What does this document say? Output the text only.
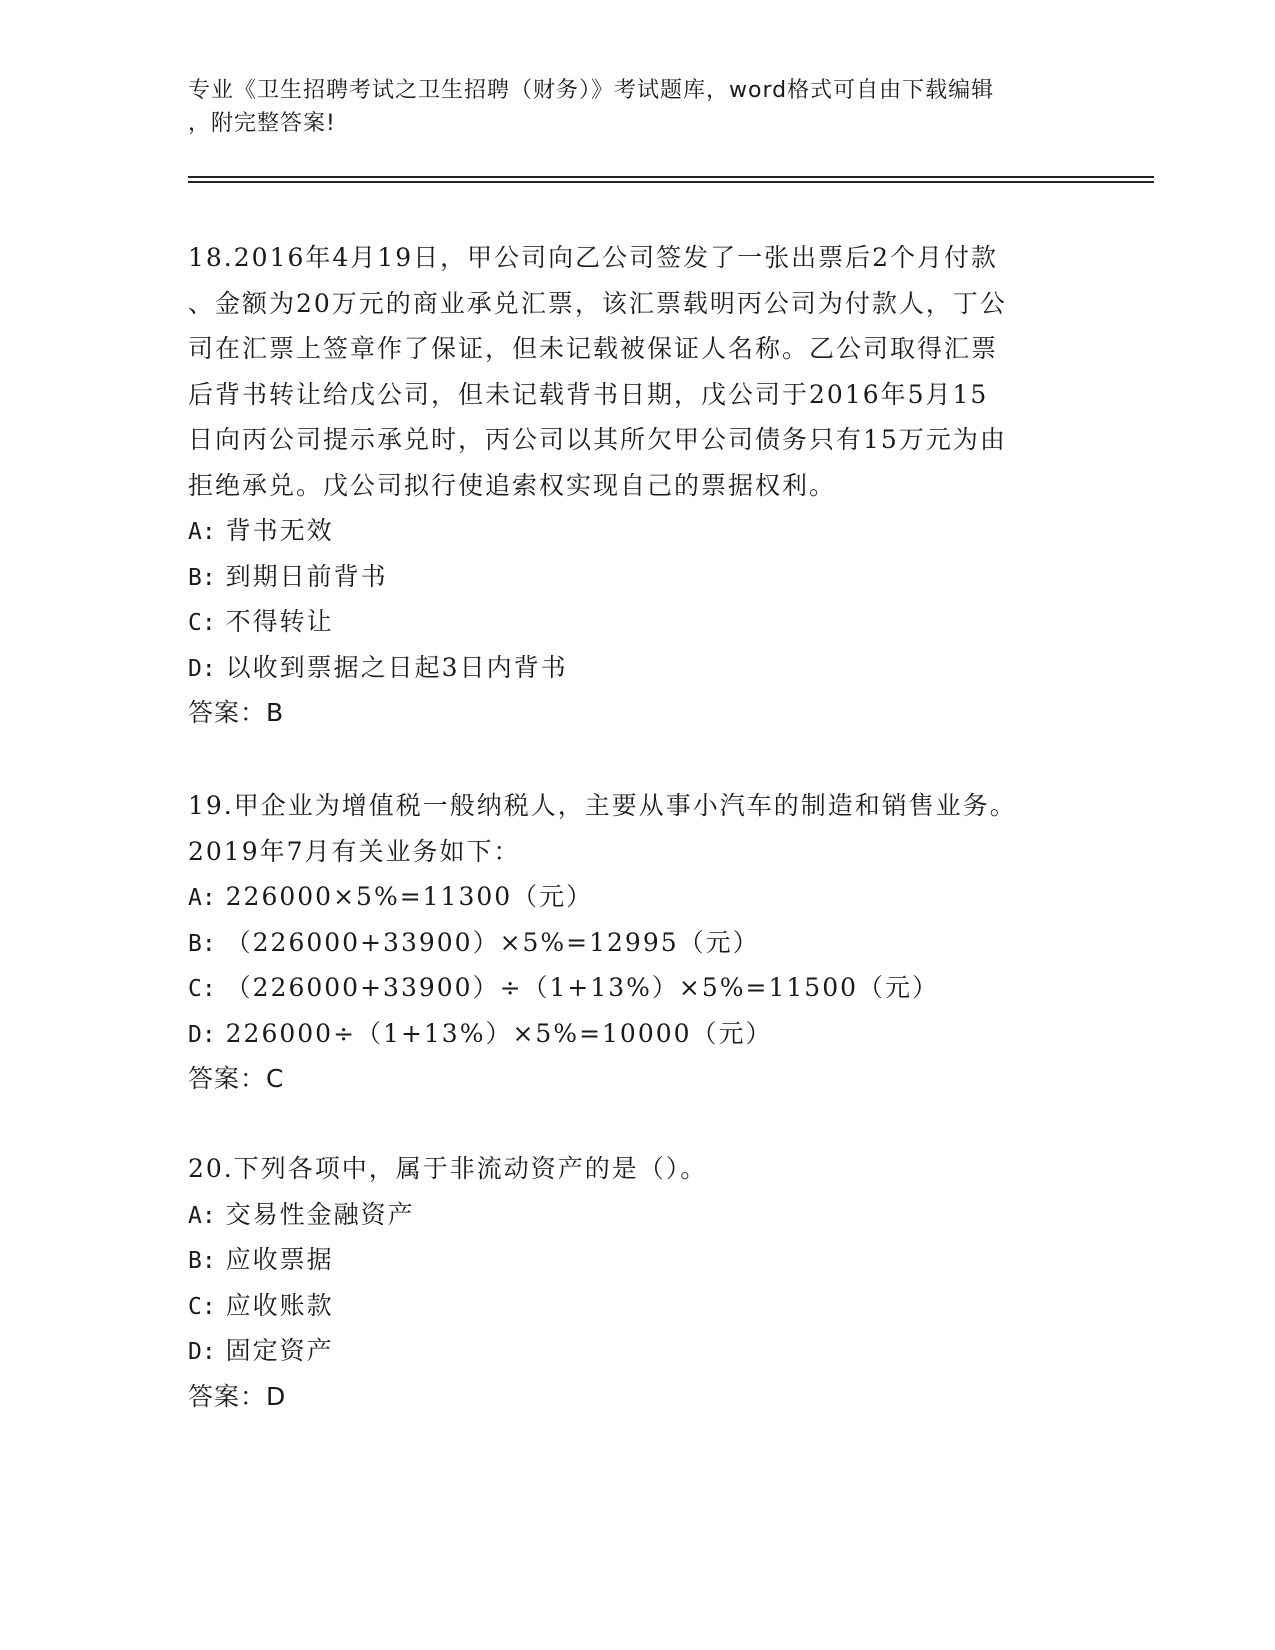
专业《卫生招聘考试之卫生招聘（财务）》考试题库，word格式可自由下载编辑
，附完整答案!
18.2016年4月19日，甲公司向乙公司签发了一张出票后2个月付款
、金额为20万元的商业承兑汇票，该汇票载明丙公司为付款人，丁公
司在汇票上签章作了保证，但未记载被保证人名称。乙公司取得汇票
后背书转让给戊公司，但未记载背书日期，戊公司于2016年5月15
日向丙公司提示承兑时，丙公司以其所欠甲公司债务只有15万元为由
拒绝承兑。戊公司拟行使追索权实现自己的票据权利。
A: 背书无效
B: 到期日前背书
C: 不得转让
D: 以收到票据之日起3日内背书
答案：B
19.甲企业为增值税一般纳税人，主要从事小汽车的制造和销售业务。
2019年7月有关业务如下：
A: 226000×5%=11300（元）
B: （226000+33900）×5%=12995（元）
C: （226000+33900）÷（1+13%）×5%=11500（元）
D: 226000÷（1+13%）×5%=10000（元）
答案：C
20.下列各项中，属于非流动资产的是（）。
A: 交易性金融资产
B: 应收票据
C: 应收账款
D: 固定资产
答案：D
